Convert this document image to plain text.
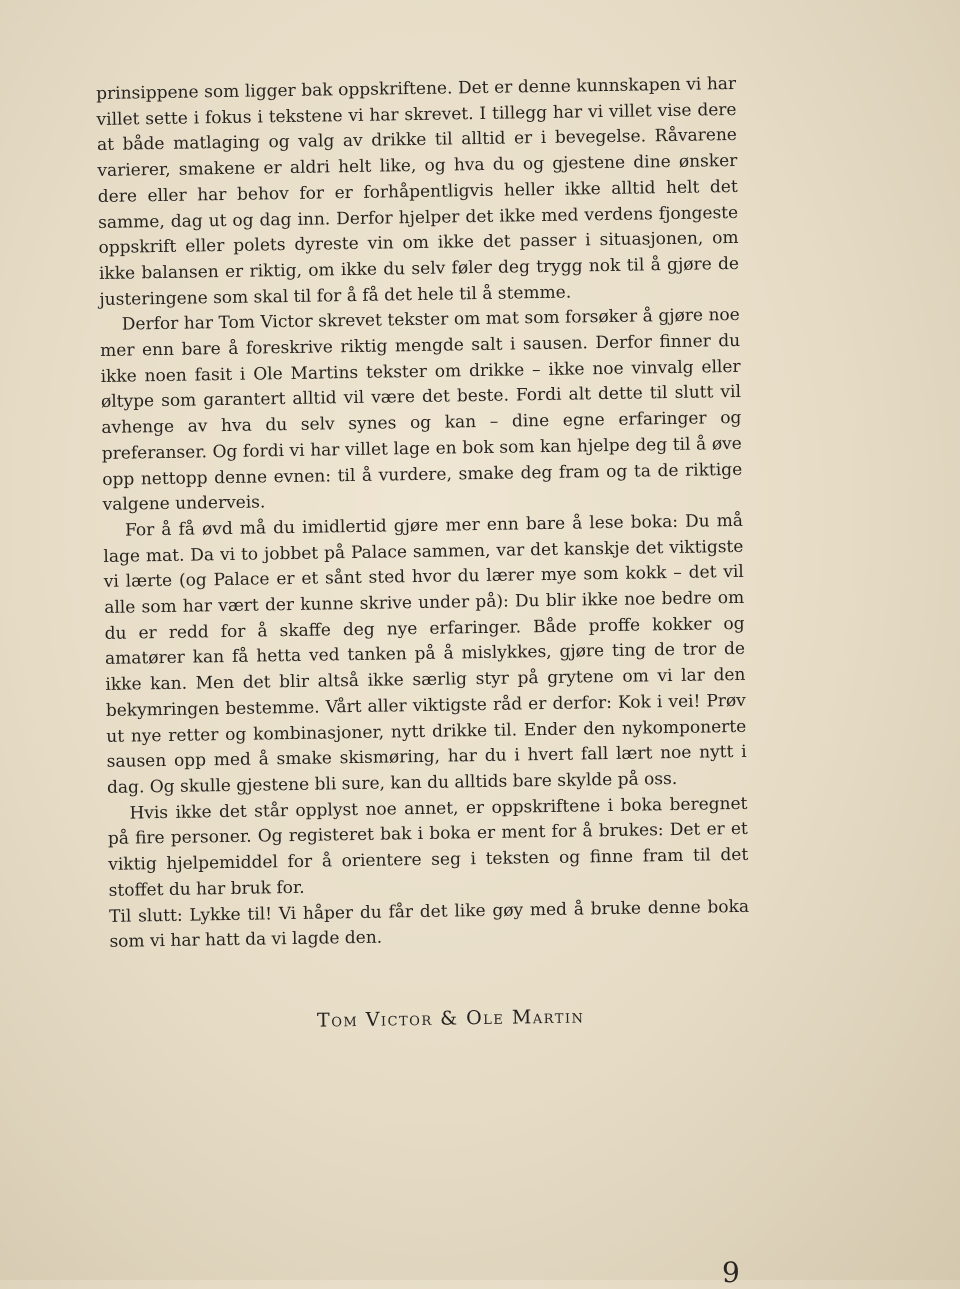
prinsippene som ligger bak oppskriftene. Det er denne kunnskapen vi har villet sette i fokus i tekstene vi har skrevet. I tillegg har vi villet vise dere at både matlaging og valg av drikke til alltid er i bevegelse. Råvarene varierer, smakene er aldri helt like, og hva du og gjestene dine ønsker dere eller har behov for er forhåpentligvis heller ikke alltid helt det samme, dag ut og dag inn. Derfor hjelper det ikke med verdens fjongeste oppskrift eller polets dyreste vin om ikke det passer i situasjonen, om ikke balansen er riktig, om ikke du selv føler deg trygg nok til å gjøre de justeringene som skal til for å få det hele til å stemme.

Derfor har Tom Victor skrevet tekster om mat som forsøker å gjøre noe mer enn bare å foreskrive riktig mengde salt i sausen. Derfor finner du ikke noen fasit i Ole Martins tekster om drikke – ikke noe vinvalg eller øltype som garantert alltid vil være det beste. Fordi alt dette til slutt vil avhenge av hva du selv synes og kan – dine egne erfaringer og preferanser. Og fordi vi har villet lage en bok som kan hjelpe deg til å øve opp nettopp denne evnen: til å vurdere, smake deg fram og ta de riktige valgene underveis.

For å få øvd må du imidlertid gjøre mer enn bare å lese boka: Du må lage mat. Da vi to jobbet på Palace sammen, var det kanskje det viktigste vi lærte (og Palace er et sånt sted hvor du lærer mye som kokk – det vil alle som har vært der kunne skrive under på): Du blir ikke noe bedre om du er redd for å skaffe deg nye erfaringer. Både proffe kokker og amatører kan få hetta ved tanken på å mislykkes, gjøre ting de tror de ikke kan. Men det blir altså ikke særlig styr på grytene om vi lar den bekymringen bestemme. Vårt aller viktigste råd er derfor: Kok i vei! Prøv ut nye retter og kombinasjoner, nytt drikke til. Ender den nykomponerte sausen opp med å smake skismøring, har du i hvert fall lært noe nytt i dag. Og skulle gjestene bli sure, kan du alltids bare skylde på oss.

Hvis ikke det står opplyst noe annet, er oppskriftene i boka beregnet på fire personer. Og registeret bak i boka er ment for å brukes: Det er et viktig hjelpemiddel for å orientere seg i teksten og finne fram til det stoffet du har bruk for.

Til slutt: Lykke til! Vi håper du får det like gøy med å bruke denne boka som vi har hatt da vi lagde den.

Tom Victor & Ole Martin
9
